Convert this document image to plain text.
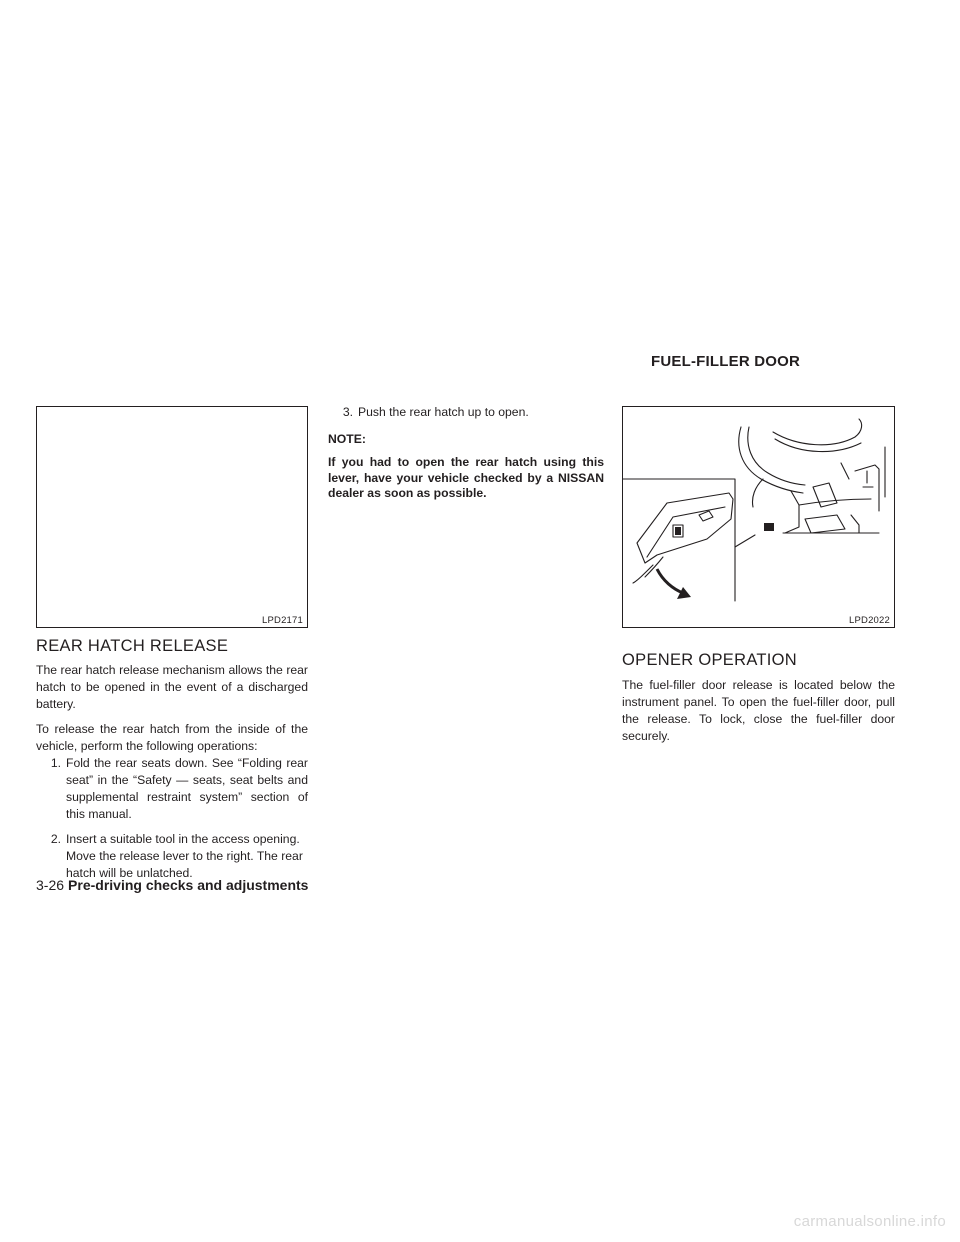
FUEL-FILLER DOOR
LPD2171	LPD2022
REAR HATCH RELEASE

The rear hatch release mechanism allows the rear hatch to be opened in the event of a discharged battery.

To release the rear hatch from the inside of the vehicle, perform the following operations:

1. Fold the rear seats down. See “Folding rear seat” in the “Safety — seats, seat belts and supplemental restraint system” section of this manual.
2. Insert a suitable tool in the access opening. Move the release lever to the right. The rear hatch will be unlatched.
3. Push the rear hatch up to open.
NOTE:

If you had to open the rear hatch using this lever, have your vehicle checked by a NISSAN dealer as soon as possible.

OPENER OPERATION

The fuel-filler door release is located below the instrument panel. To open the fuel-filler door, pull the release. To lock, close the fuel-filler door securely.

3-26 Pre-driving checks and adjustments
carmanualsonline.info
